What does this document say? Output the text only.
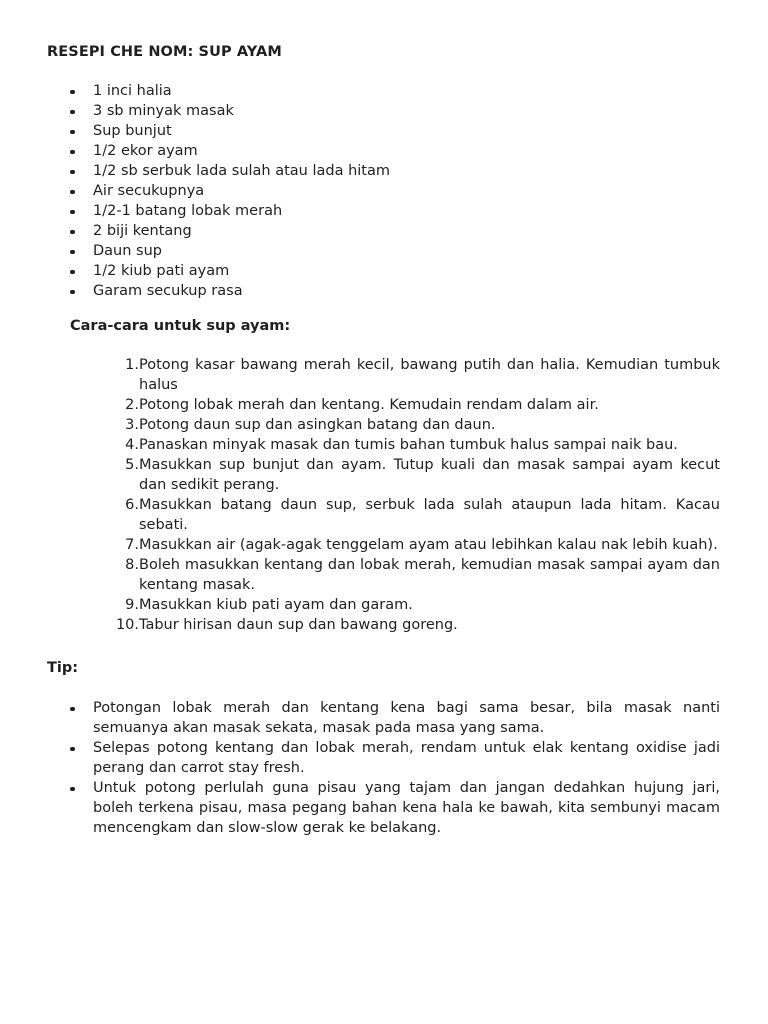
RESEPI CHE NOM: SUP AYAM
1 inci halia
3 sb minyak masak
Sup bunjut
1/2 ekor ayam
1/2 sb serbuk lada sulah atau lada hitam
Air secukupnya
1/2-1 batang lobak merah
2 biji kentang
Daun sup
1/2 kiub pati ayam
Garam secukup rasa
Cara-cara untuk sup ayam:
1. Potong kasar bawang merah kecil, bawang putih dan halia. Kemudian tumbuk halus
2. Potong lobak merah dan kentang. Kemudain rendam dalam air.
3. Potong daun sup dan asingkan batang dan daun.
4. Panaskan minyak masak dan tumis bahan tumbuk halus sampai naik bau.
5. Masukkan sup bunjut dan ayam. Tutup kuali dan masak sampai ayam kecut dan sedikit perang.
6. Masukkan batang daun sup, serbuk lada sulah ataupun lada hitam. Kacau sebati.
7. Masukkan air (agak-agak tenggelam ayam atau lebihkan kalau nak lebih kuah).
8. Boleh masukkan kentang dan lobak merah, kemudian masak sampai ayam dan kentang masak.
9. Masukkan kiub pati ayam dan garam.
10. Tabur hirisan daun sup dan bawang goreng.
Tip:
Potongan lobak merah dan kentang kena bagi sama besar, bila masak nanti semuanya akan masak sekata, masak pada masa yang sama.
Selepas potong kentang dan lobak merah, rendam untuk elak kentang oxidise jadi perang dan carrot stay fresh.
Untuk potong perlulah guna pisau yang tajam dan jangan dedahkan hujung jari, boleh terkena pisau, masa pegang bahan kena hala ke bawah, kita sembunyi macam mencengkam dan slow-slow gerak ke belakang.
